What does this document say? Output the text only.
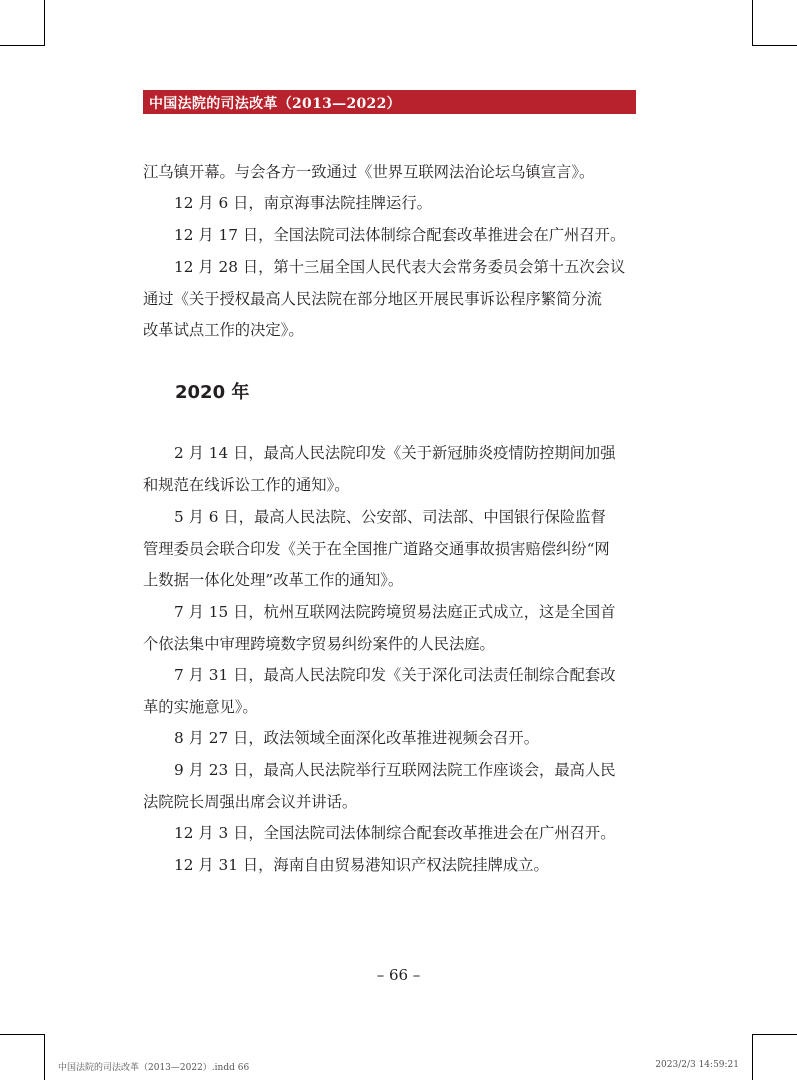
中国法院的司法改革（2013—2022）

江乌镇开幕。与会各方一致通过《世界互联网法治论坛乌镇宣言》。

12 月 6 日，南京海事法院挂牌运行。

12 月 17 日，全国法院司法体制综合配套改革推进会在广州召开。

12 月 28 日，第十三届全国人民代表大会常务委员会第十五次会议
通过《关于授权最高人民法院在部分地区开展民事诉讼程序繁简分流
改革试点工作的决定》。
2020 年
2 月 14 日，最高人民法院印发《关于新冠肺炎疫情防控期间加强
和规范在线诉讼工作的通知》。
5 月 6 日，最高人民法院、公安部、司法部、中国银行保险监督
管理委员会联合印发《关于在全国推广道路交通事故损害赔偿纠纷“网
上数据一体化处理”改革工作的通知》。
7 月 15 日，杭州互联网法院跨境贸易法庭正式成立，这是全国首
个依法集中审理跨境数字贸易纠纷案件的人民法庭。
7 月 31 日，最高人民法院印发《关于深化司法责任制综合配套改
革的实施意见》。

8 月 27 日，政法领域全面深化改革推进视频会召开。

9 月 23 日，最高人民法院举行互联网法院工作座谈会，最高人民
法院院长周强出席会议并讲话。

12 月 3 日，全国法院司法体制综合配套改革推进会在广州召开。

12 月 31 日，海南自由贸易港知识产权法院挂牌成立。

– 66 –
中国法院的司法改革（2013—2022）.indd 66	2023/2/3 14:59:21
